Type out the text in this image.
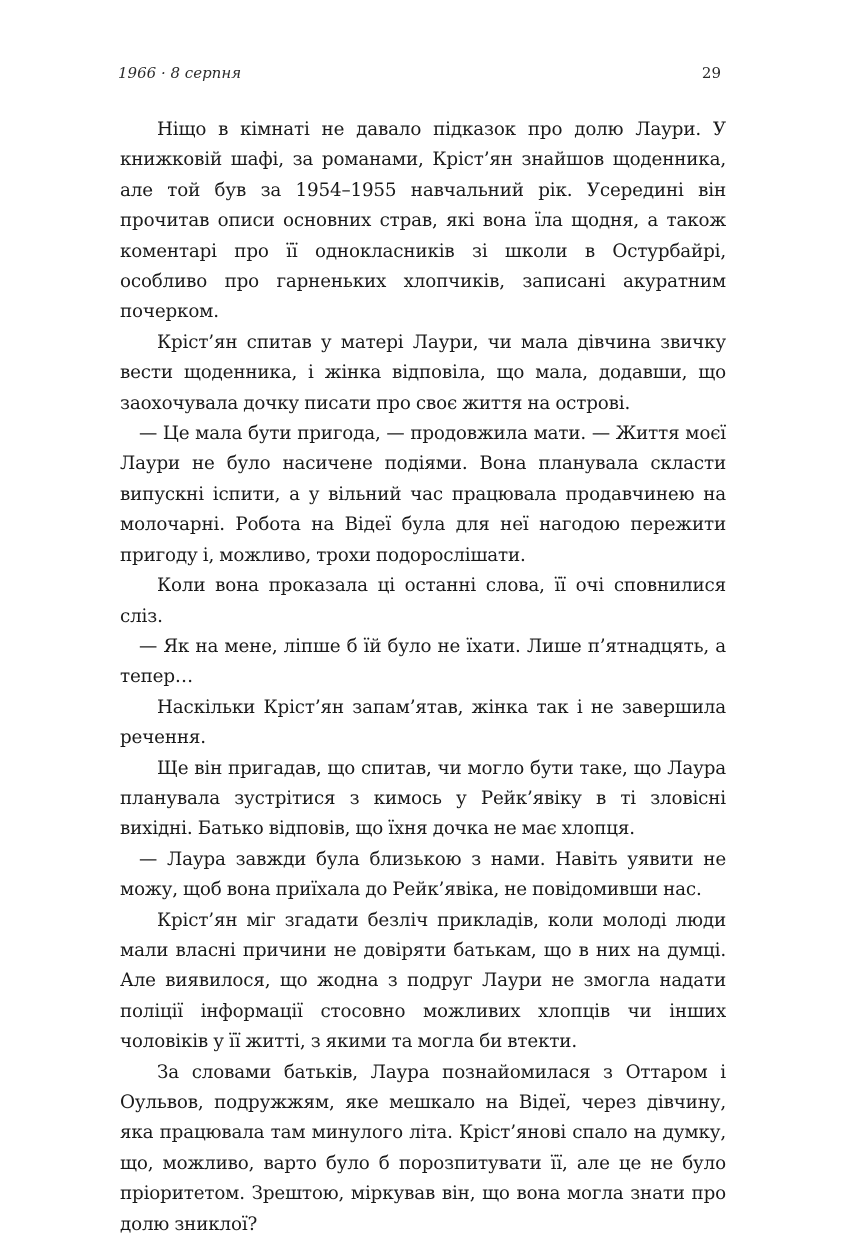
1966 · 8 серпня	29

Ніщо в кімнаті не давало підказок про долю Лаури. У книжковій шафі, за романами, Кріст’ян знайшов щоденника, але той був за 1954–1955 навчальний рік. Усередині він прочитав описи основних страв, які вона їла щодня, а також коментарі про її однокласників зі школи в Остурбайрі, особливо про гарненьких хлопчиків, записані акуратним почерком.

Кріст’ян спитав у матері Лаури, чи мала дівчина звичку вести щоденника, і жінка відповіла, що мала, додавши, що заохочувала дочку писати про своє життя на острові.

— Це мала бути пригода, — продовжила мати. — Життя моєї Лаури не було насичене подіями. Вона планувала скласти випускні іспити, а у вільний час працювала продавчинею на молочарні. Робота на Відеї була для неї нагодою пережити пригоду і, можливо, трохи подорослішати.

Коли вона проказала ці останні слова, її очі сповнилися сліз.

— Як на мене, ліпше б їй було не їхати. Лише п’ятнадцять, а тепер…

Наскільки Кріст’ян запам’ятав, жінка так і не завершила речення.

Ще він пригадав, що спитав, чи могло бути таке, що Лаура планувала зустрітися з кимось у Рейк’явіку в ті зловісні вихідні. Батько відповів, що їхня дочка не має хлопця.

— Лаура завжди була близькою з нами. Навіть уявити не можу, щоб вона приїхала до Рейк’явіка, не повідомивши нас.

Кріст’ян міг згадати безліч прикладів, коли молоді люди мали власні причини не довіряти батькам, що в них на думці. Але виявилося, що жодна з подруг Лаури не змогла надати поліції інформації стосовно можливих хлопців чи інших чоловіків у її житті, з якими та могла би втекти.

За словами батьків, Лаура познайомилася з Оттаром і Оульвов, подружжям, яке мешкало на Відеї, через дівчину, яка працювала там минулого літа. Кріст’янові спало на думку, що, можливо, варто було б порозпитувати її, але це не було пріоритетом. Зрештою, міркував він, що вона могла знати про долю зниклої?
